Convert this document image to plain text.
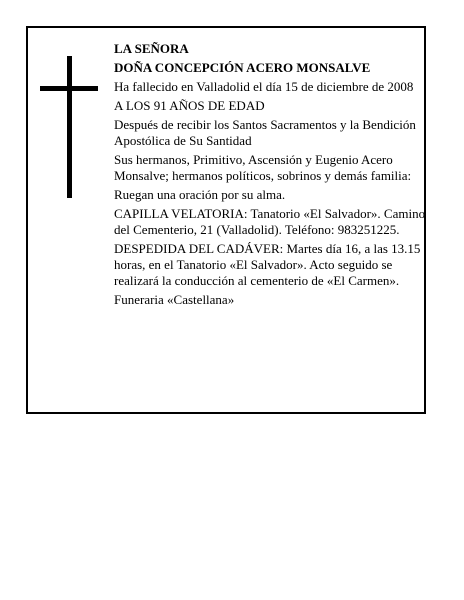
LA SEÑORA

DOÑA CONCEPCIÓN ACERO MONSALVE

Ha fallecido en Valladolid el día 15 de diciembre de 2008

A LOS 91 AÑOS DE EDAD

Después de recibir los Santos Sacramentos y la Bendición Apostólica de Su Santidad

Sus hermanos, Primitivo, Ascensión y Eugenio Acero Monsalve; hermanos políticos, sobrinos y demás familia:

Ruegan una oración por su alma.

CAPILLA VELATORIA: Tanatorio «El Salvador». Camino del Cementerio, 21 (Valladolid). Teléfono: 983251225.

DESPEDIDA DEL CADÁVER: Martes día 16, a las 13.15 horas, en el Tanatorio «El Salvador». Acto seguido se realizará la conducción al cementerio de «El Carmen».

Funeraria «Castellana»
